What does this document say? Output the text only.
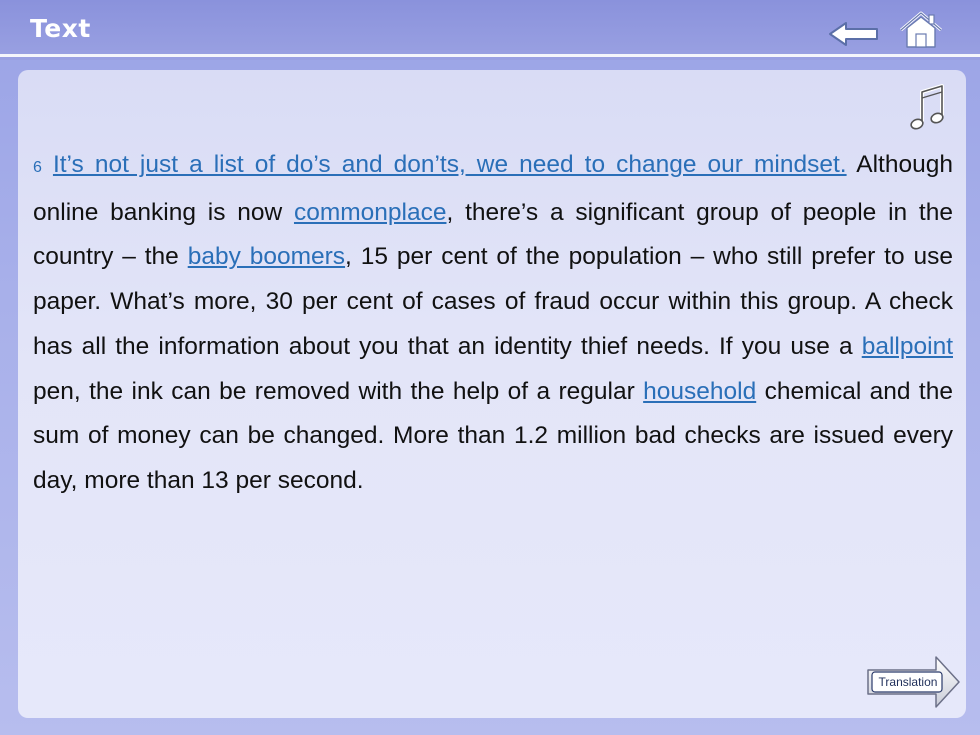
Text

6 It’s not just a list of do’s and don’ts, we need to change our mindset. Although online banking is now commonplace, there’s a significant group of people in the country – the baby boomers, 15 per cent of the population – who still prefer to use paper. What’s more, 30 per cent of cases of fraud occur within this group. A check has all the information about you that an identity thief needs. If you use a ballpoint pen, the ink can be removed with the help of a regular household chemical and the sum of money can be changed. More than 1.2 million bad checks are issued every day, more than 13 per second.

Translation
